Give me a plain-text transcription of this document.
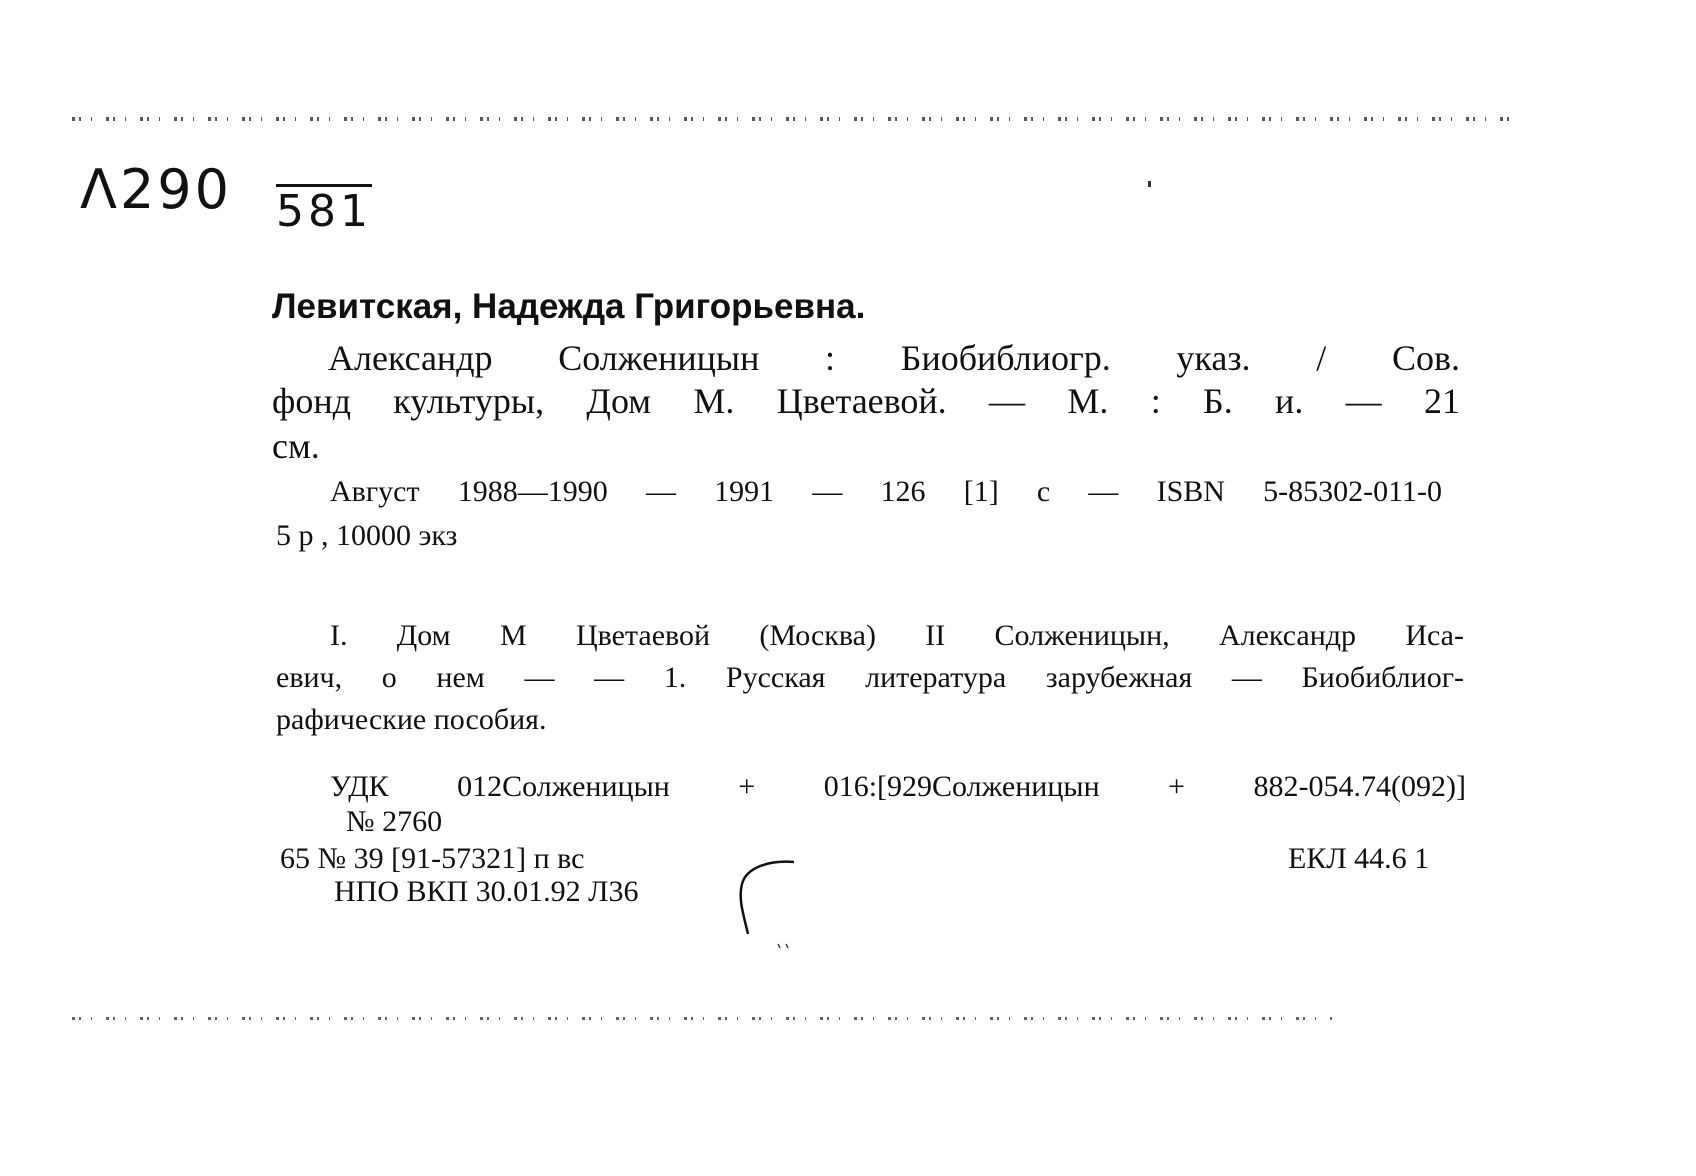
Λ290 581
Левитская, Надежда Григорьевна.
Александр Солженицын : Биобиблиогр. указ. / Сов.
фонд культуры, Дом М. Цветаевой. — М. : Б. и. — 21
см.
Август 1988—1990 — 1991 — 126 [1] с — ISBN 5-85302-011-0
5 р , 10000 экз
I. Дом М Цветаевой (Москва) II Солженицын, Александр Иса-
евич, о нем — — 1. Русская литература зарубежная — Биобиблиог-
рафические пособия.
УДК 012Солженицын + 016:[929Солженицын + 882-054.74(092)]
№ 2760
65 № 39 [91-57321] п вс	ЕКЛ 44.6 1
НПО ВКП 30.01.92 Л36
